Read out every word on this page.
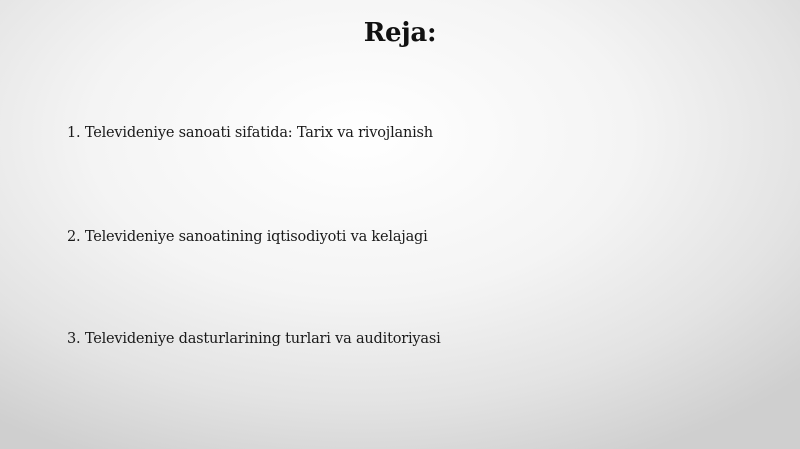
Reja:
1. Televideniye sanoati sifatida: Tarix va rivojlanish
2. Televideniye sanoatining iqtisodiyoti va kelajagi
3. Televideniye dasturlarining turlari va auditoriyasi
